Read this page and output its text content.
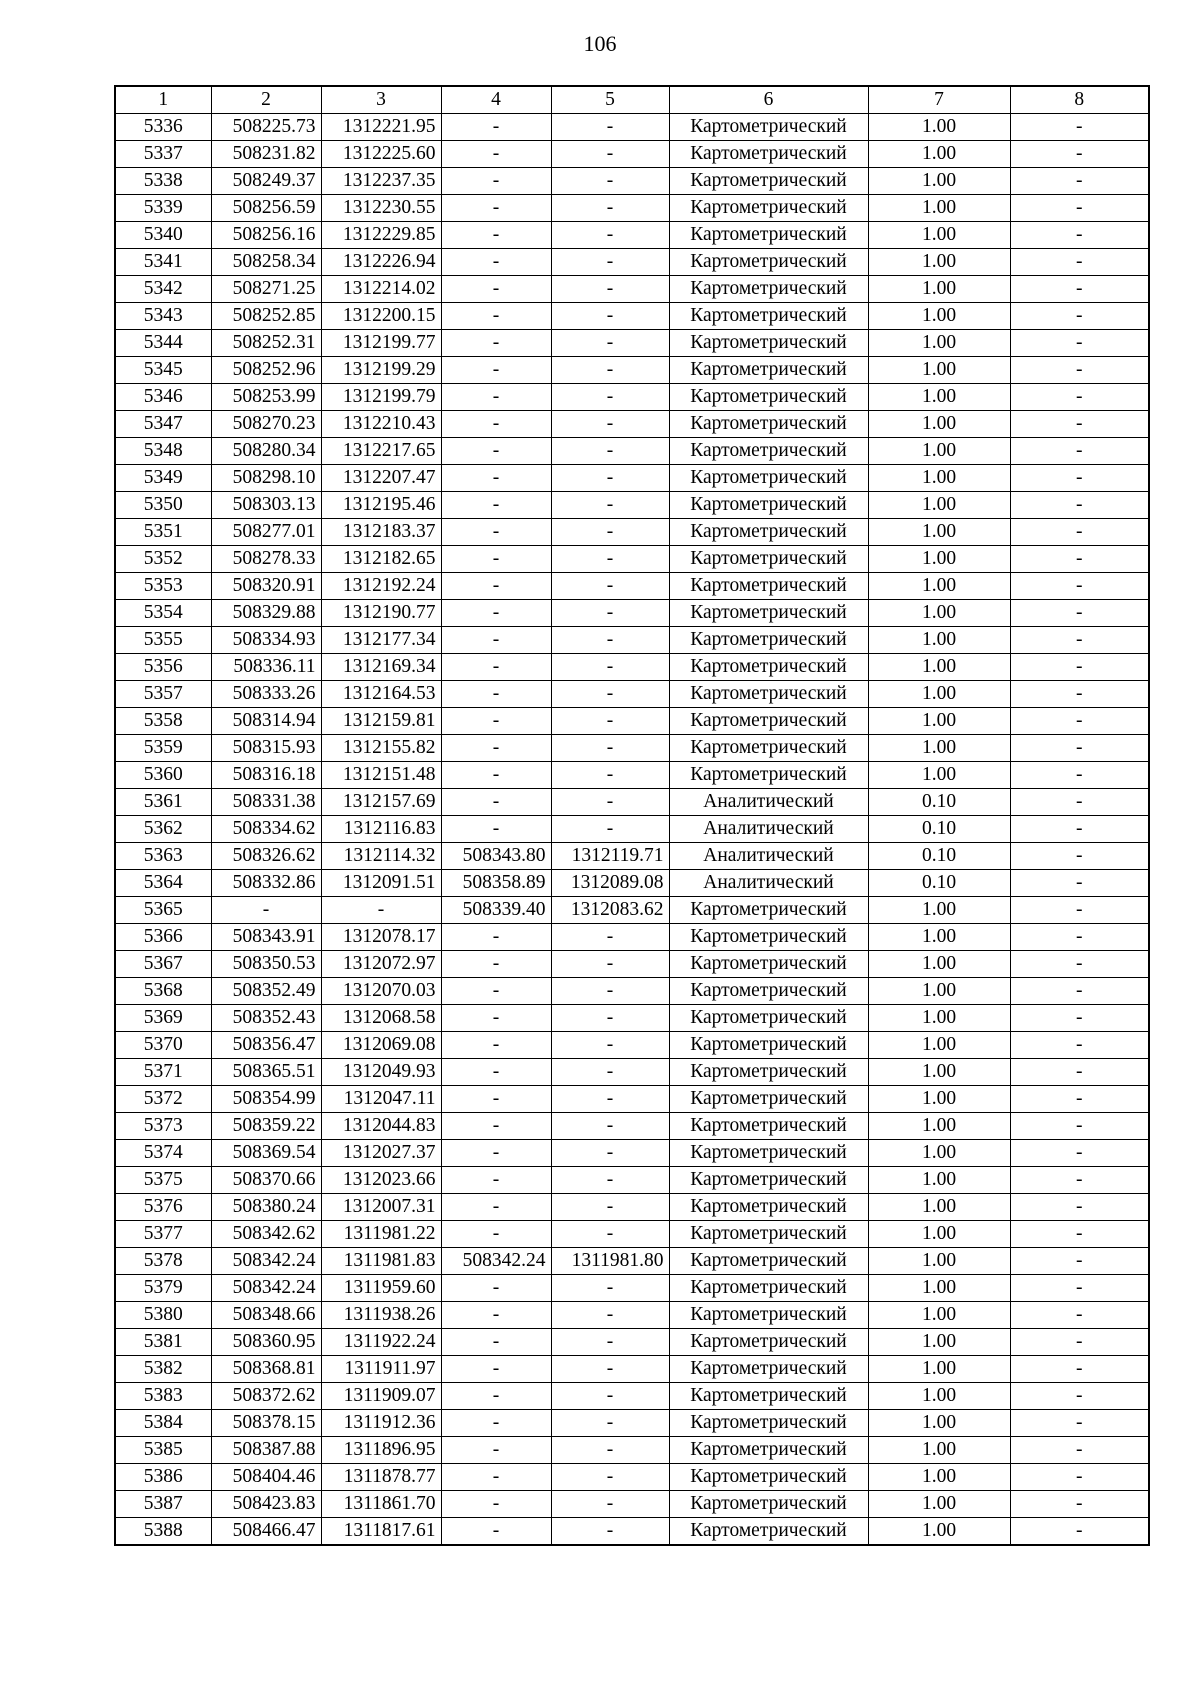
106
1	2	3	4	5	6	7	8
5336	508225.73	1312221.95	-	-	Картометрический	1.00	-
5337	508231.82	1312225.60	-	-	Картометрический	1.00	-
5338	508249.37	1312237.35	-	-	Картометрический	1.00	-
5339	508256.59	1312230.55	-	-	Картометрический	1.00	-
5340	508256.16	1312229.85	-	-	Картометрический	1.00	-
5341	508258.34	1312226.94	-	-	Картометрический	1.00	-
5342	508271.25	1312214.02	-	-	Картометрический	1.00	-
5343	508252.85	1312200.15	-	-	Картометрический	1.00	-
5344	508252.31	1312199.77	-	-	Картометрический	1.00	-
5345	508252.96	1312199.29	-	-	Картометрический	1.00	-
5346	508253.99	1312199.79	-	-	Картометрический	1.00	-
5347	508270.23	1312210.43	-	-	Картометрический	1.00	-
5348	508280.34	1312217.65	-	-	Картометрический	1.00	-
5349	508298.10	1312207.47	-	-	Картометрический	1.00	-
5350	508303.13	1312195.46	-	-	Картометрический	1.00	-
5351	508277.01	1312183.37	-	-	Картометрический	1.00	-
5352	508278.33	1312182.65	-	-	Картометрический	1.00	-
5353	508320.91	1312192.24	-	-	Картометрический	1.00	-
5354	508329.88	1312190.77	-	-	Картометрический	1.00	-
5355	508334.93	1312177.34	-	-	Картометрический	1.00	-
5356	508336.11	1312169.34	-	-	Картометрический	1.00	-
5357	508333.26	1312164.53	-	-	Картометрический	1.00	-
5358	508314.94	1312159.81	-	-	Картометрический	1.00	-
5359	508315.93	1312155.82	-	-	Картометрический	1.00	-
5360	508316.18	1312151.48	-	-	Картометрический	1.00	-
5361	508331.38	1312157.69	-	-	Аналитический	0.10	-
5362	508334.62	1312116.83	-	-	Аналитический	0.10	-
5363	508326.62	1312114.32	508343.80	1312119.71	Аналитический	0.10	-
5364	508332.86	1312091.51	508358.89	1312089.08	Аналитический	0.10	-
5365	-	-	508339.40	1312083.62	Картометрический	1.00	-
5366	508343.91	1312078.17	-	-	Картометрический	1.00	-
5367	508350.53	1312072.97	-	-	Картометрический	1.00	-
5368	508352.49	1312070.03	-	-	Картометрический	1.00	-
5369	508352.43	1312068.58	-	-	Картометрический	1.00	-
5370	508356.47	1312069.08	-	-	Картометрический	1.00	-
5371	508365.51	1312049.93	-	-	Картометрический	1.00	-
5372	508354.99	1312047.11	-	-	Картометрический	1.00	-
5373	508359.22	1312044.83	-	-	Картометрический	1.00	-
5374	508369.54	1312027.37	-	-	Картометрический	1.00	-
5375	508370.66	1312023.66	-	-	Картометрический	1.00	-
5376	508380.24	1312007.31	-	-	Картометрический	1.00	-
5377	508342.62	1311981.22	-	-	Картометрический	1.00	-
5378	508342.24	1311981.83	508342.24	1311981.80	Картометрический	1.00	-
5379	508342.24	1311959.60	-	-	Картометрический	1.00	-
5380	508348.66	1311938.26	-	-	Картометрический	1.00	-
5381	508360.95	1311922.24	-	-	Картометрический	1.00	-
5382	508368.81	1311911.97	-	-	Картометрический	1.00	-
5383	508372.62	1311909.07	-	-	Картометрический	1.00	-
5384	508378.15	1311912.36	-	-	Картометрический	1.00	-
5385	508387.88	1311896.95	-	-	Картометрический	1.00	-
5386	508404.46	1311878.77	-	-	Картометрический	1.00	-
5387	508423.83	1311861.70	-	-	Картометрический	1.00	-
5388	508466.47	1311817.61	-	-	Картометрический	1.00	-
